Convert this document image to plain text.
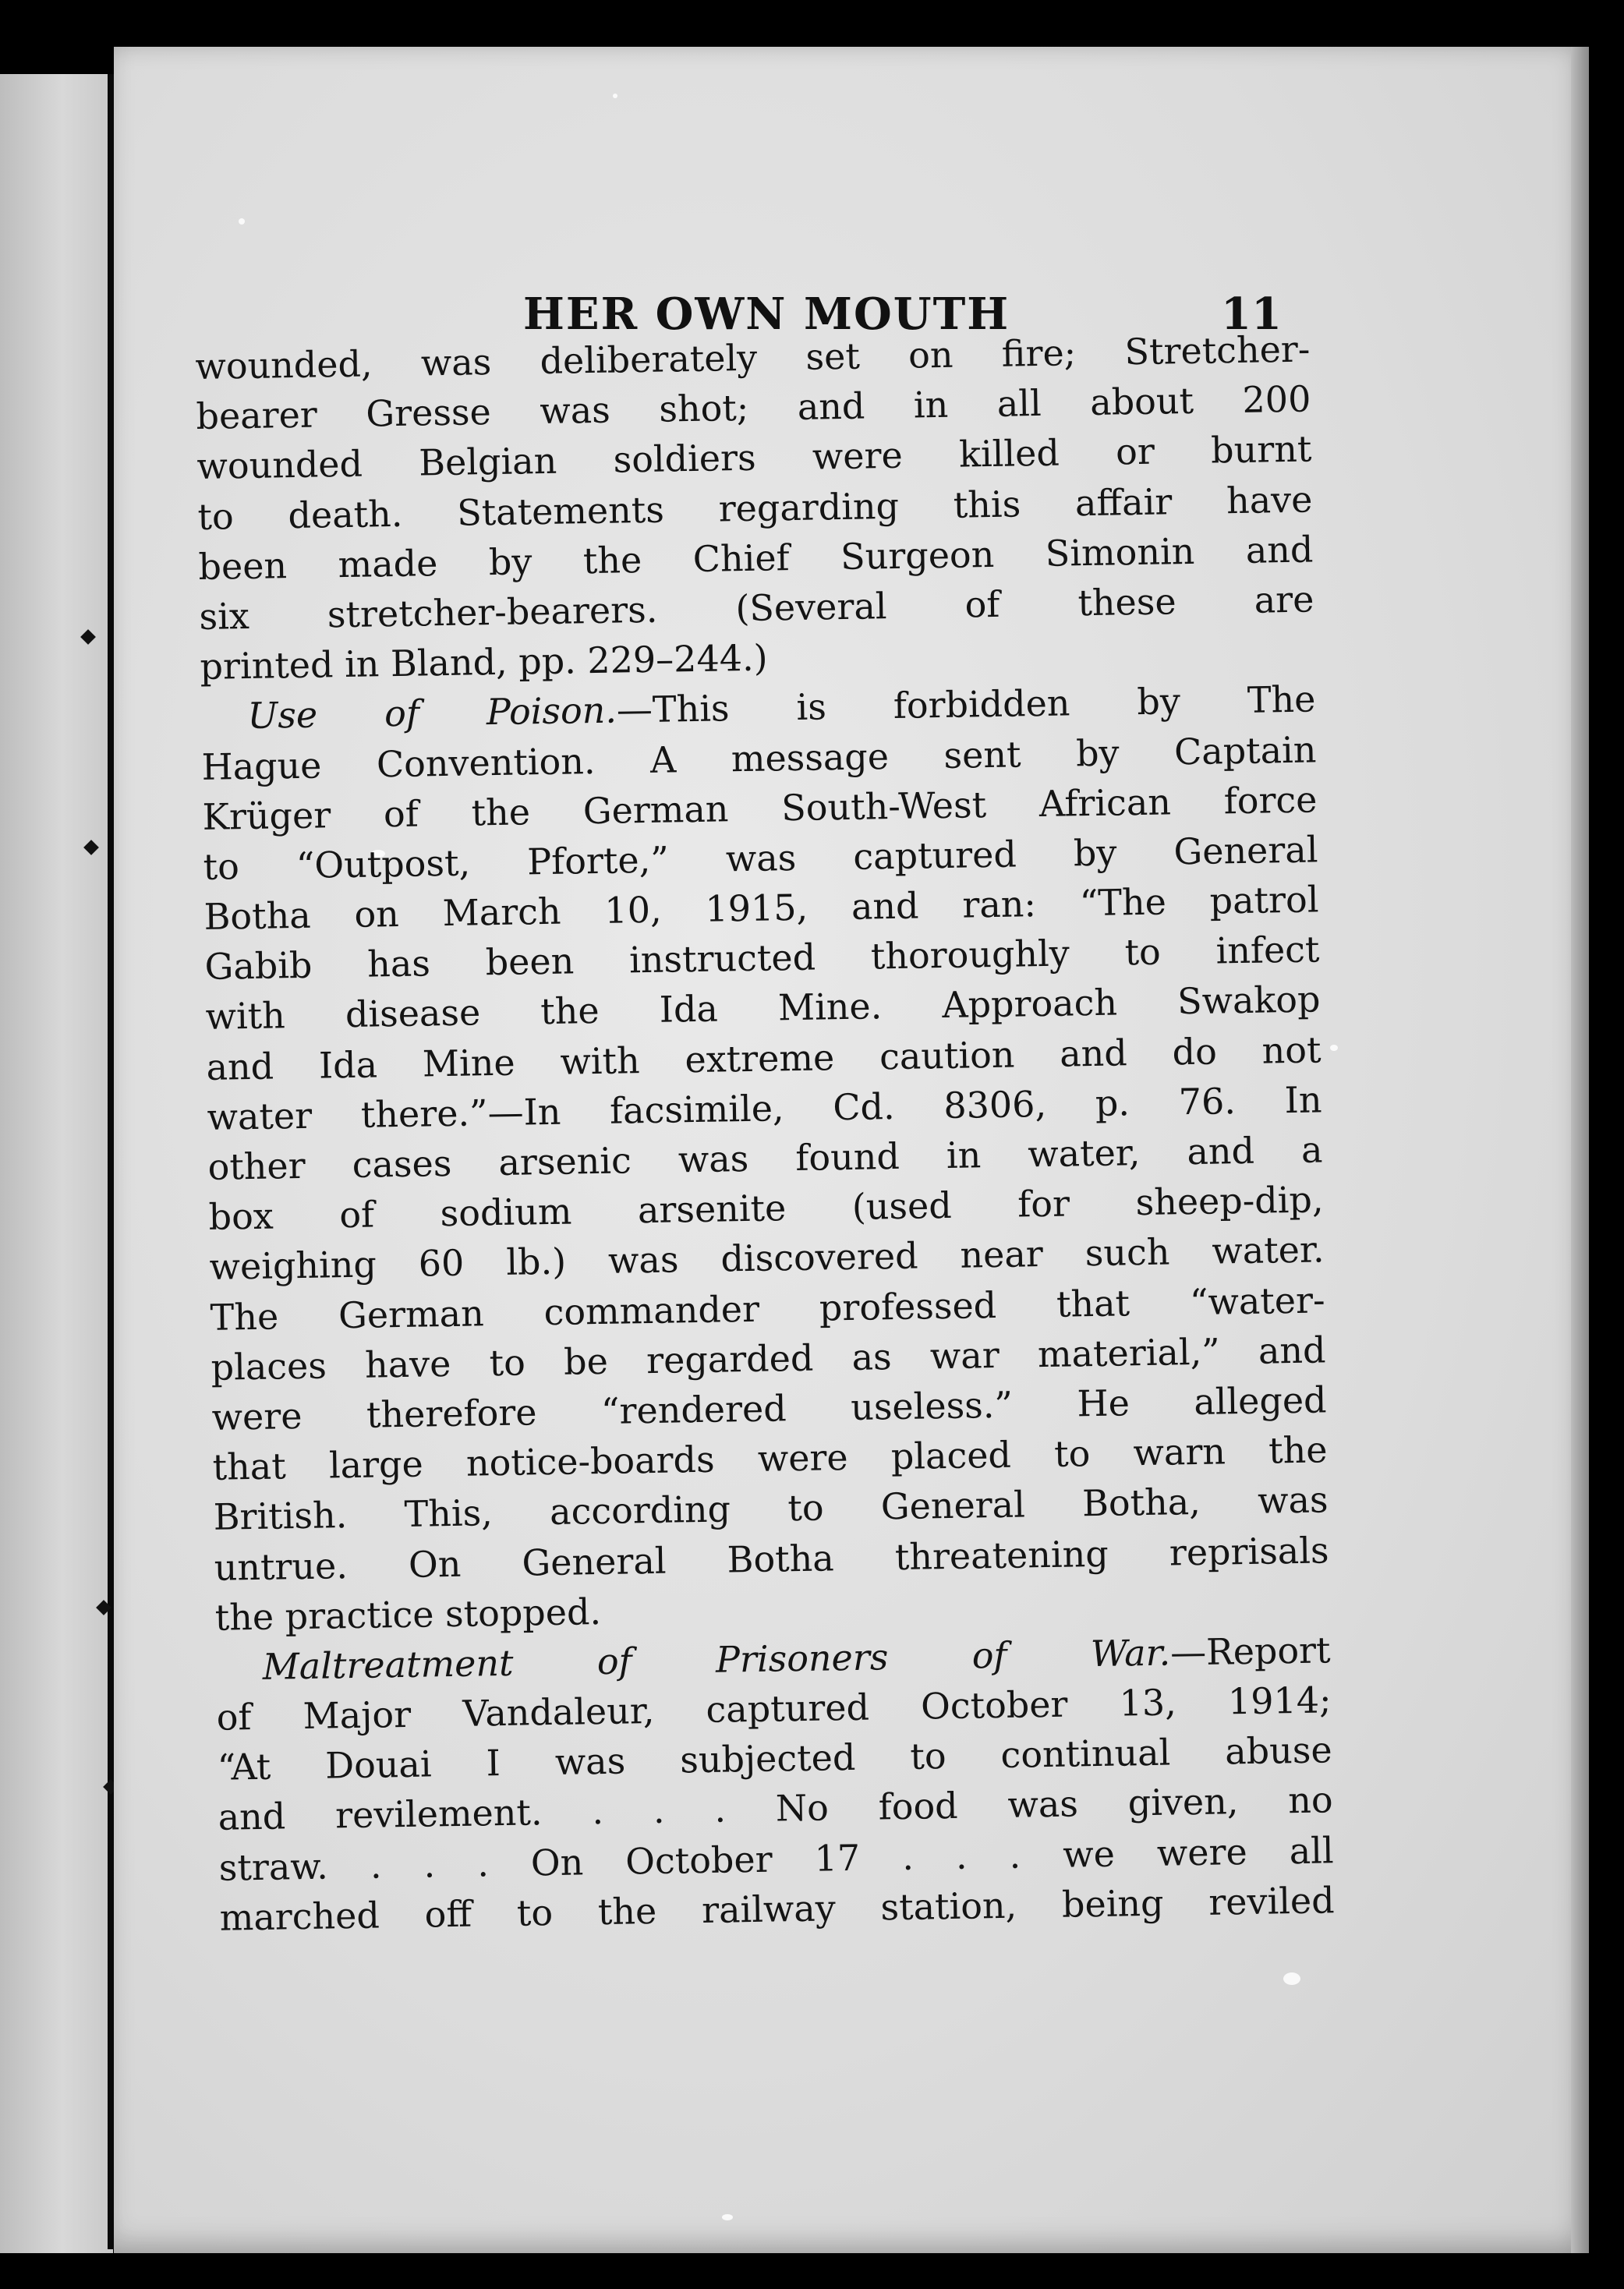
HER OWN MOUTH	11
wounded, was deliberately set on fire; Stretcher-
bearer Gresse was shot; and in all about 200
wounded Belgian soldiers were killed or burnt
to death. Statements regarding this affair have
been made by the Chief Surgeon Simonin and
six stretcher-bearers. (Several of these are
printed in Bland, pp. 229–244.)
Use of Poison.—This is forbidden by The
Hague Convention. A message sent by Captain
Krüger of the German South-West African force
to “Outpost, Pforte,” was captured by General
Botha on March 10, 1915, and ran: “The patrol
Gabib has been instructed thoroughly to infect
with disease the Ida Mine. Approach Swakop
and Ida Mine with extreme caution and do not
water there.”—In facsimile, Cd. 8306, p. 76. In
other cases arsenic was found in water, and a
box of sodium arsenite (used for sheep-dip,
weighing 60 lb.) was discovered near such water.
The German commander professed that “water-
places have to be regarded as war material,” and
were therefore “rendered useless.” He alleged
that large notice-boards were placed to warn the
British. This, according to General Botha, was
untrue. On General Botha threatening reprisals
the practice stopped.
Maltreatment of Prisoners of War.—Report
of Major Vandaleur, captured October 13, 1914;
“At Douai I was subjected to continual abuse
and revilement. . . . No food was given, no
straw. . . . On October 17 . . . we were all
marched off to the railway station, being reviled
